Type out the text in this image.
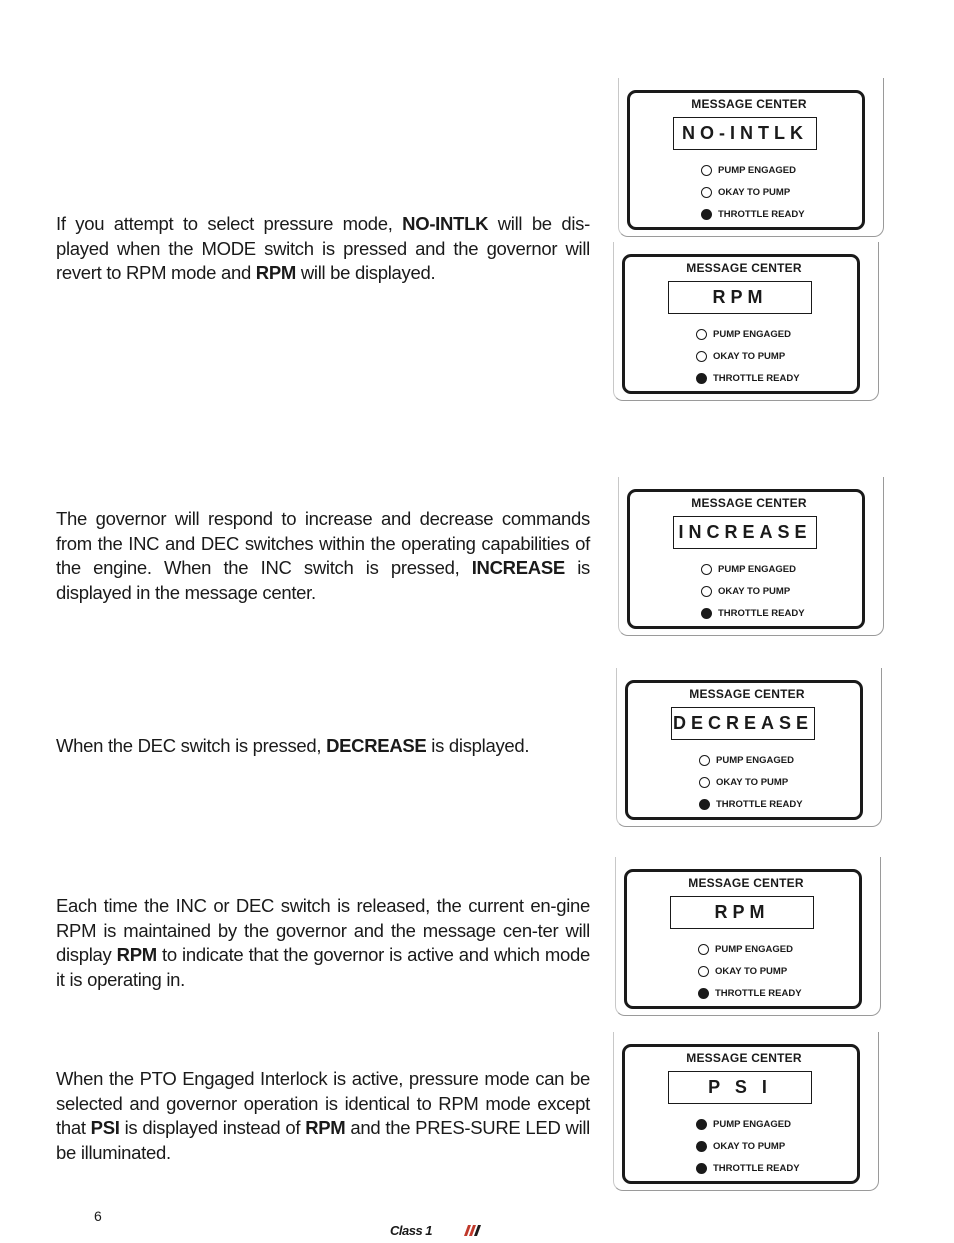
If you attempt to select pressure mode, NO-INTLK will be dis-played when the MODE switch is pressed and the governor will revert to RPM mode and RPM will be displayed.

The governor will respond to increase and decrease commands from the INC and DEC switches within the operating capabilities of the engine. When the INC switch is pressed, INCREASE is displayed in the message center.

When the DEC switch is pressed, DECREASE is displayed.

Each time the INC or DEC switch is released, the current en-gine RPM is maintained by the governor and the message cen-ter will display RPM to indicate that the governor is active and which mode it is operating in.

When the PTO Engaged Interlock is active, pressure mode can be selected and governor operation is identical to RPM mode except that PSI is displayed instead of RPM and the PRES-SURE LED will be illuminated.

MESSAGE CENTER
NO-INTLK
PUMP ENGAGED
OKAY TO PUMP
THROTTLE READY
MESSAGE CENTER
RPM
PUMP ENGAGED
OKAY TO PUMP
THROTTLE READY
MESSAGE CENTER
INCREASE
PUMP ENGAGED
OKAY TO PUMP
THROTTLE READY
MESSAGE CENTER
DECREASE
PUMP ENGAGED
OKAY TO PUMP
THROTTLE READY
MESSAGE CENTER
RPM
PUMP ENGAGED
OKAY TO PUMP
THROTTLE READY
MESSAGE CENTER
P S I
PUMP ENGAGED
OKAY TO PUMP
THROTTLE READY
6
Class 1
